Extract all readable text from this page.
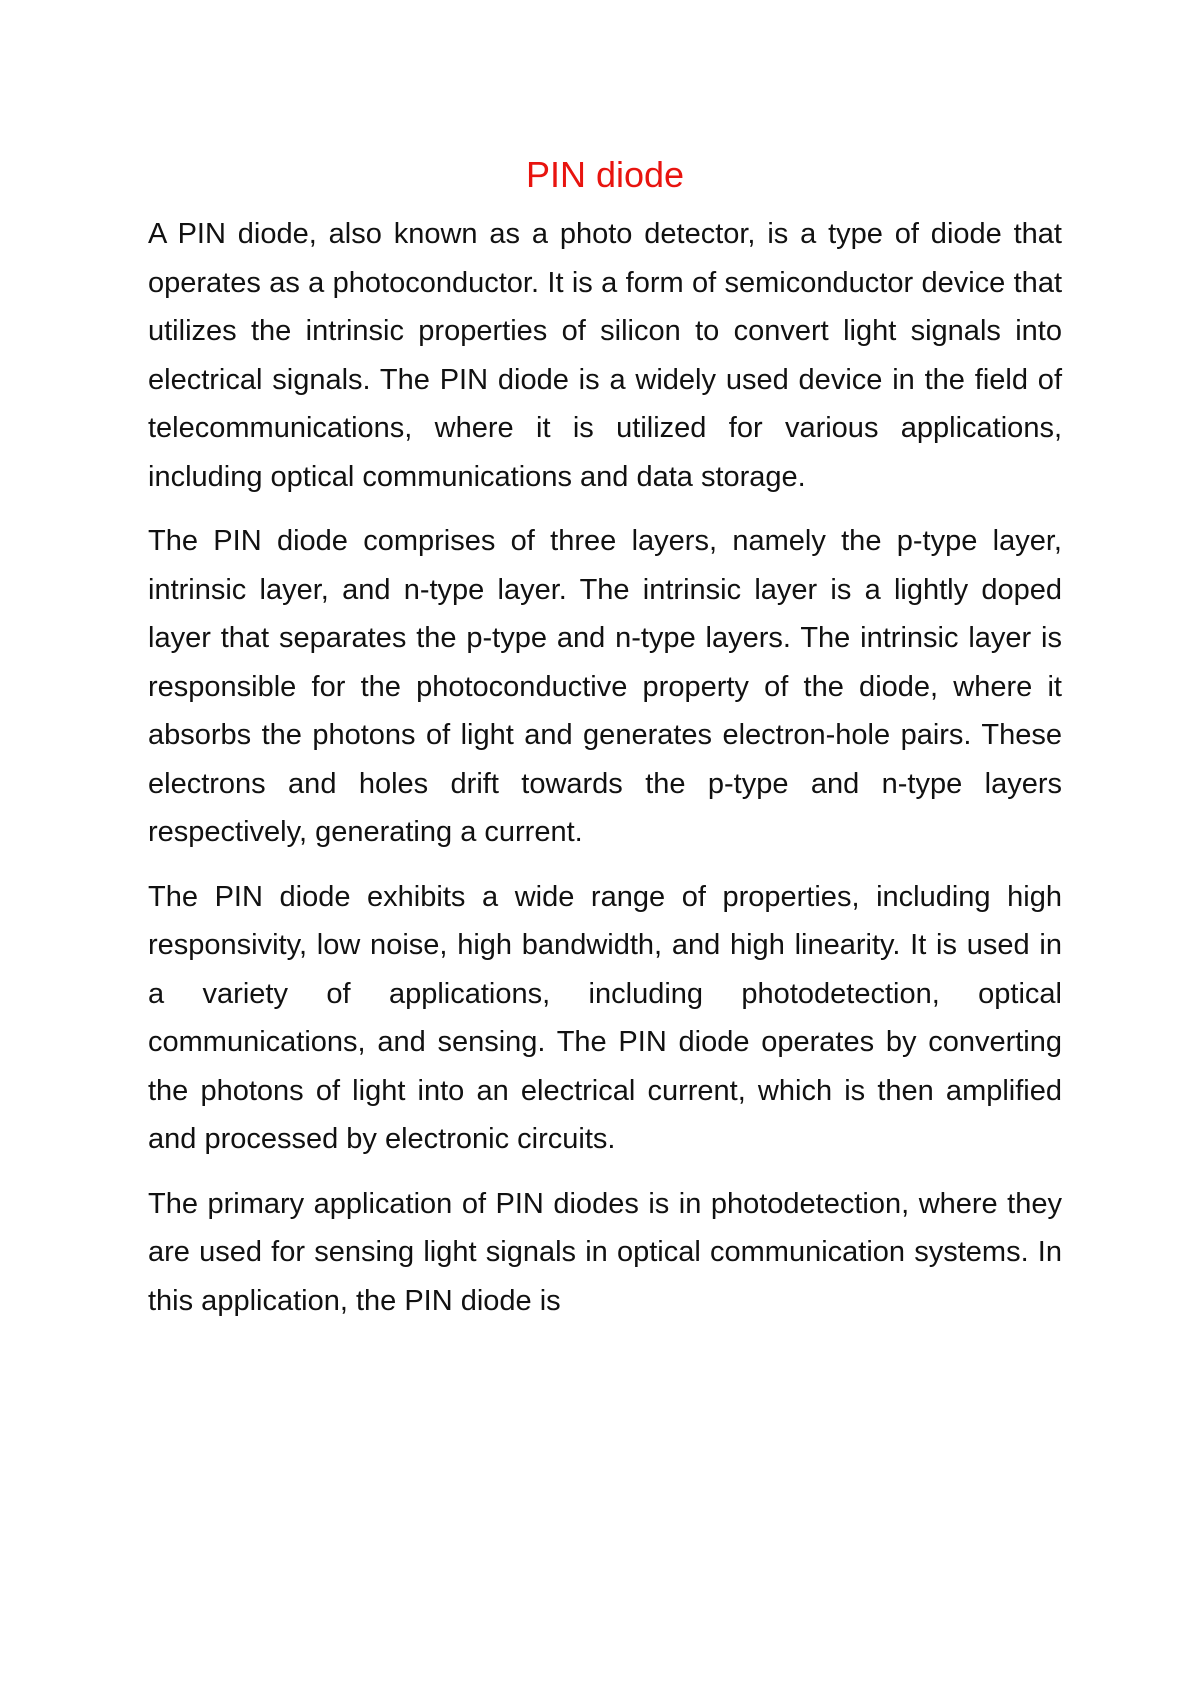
PIN diode

A PIN diode, also known as a photo detector, is a type of diode that operates as a photoconductor. It is a form of semiconductor device that utilizes the intrinsic properties of silicon to convert light signals into electrical signals. The PIN diode is a widely used device in the field of telecommunications, where it is utilized for various applications, including optical communications and data storage.

The PIN diode comprises of three layers, namely the p-type layer, intrinsic layer, and n-type layer. The intrinsic layer is a lightly doped layer that separates the p-type and n-type layers. The intrinsic layer is responsible for the photoconductive property of the diode, where it absorbs the photons of light and generates electron-hole pairs. These electrons and holes drift towards the p-type and n-type layers respectively, generating a current.

The PIN diode exhibits a wide range of properties, including high responsivity, low noise, high bandwidth, and high linearity. It is used in a variety of applications, including photodetection, optical communications, and sensing. The PIN diode operates by converting the photons of light into an electrical current, which is then amplified and processed by electronic circuits.

The primary application of PIN diodes is in photodetection, where they are used for sensing light signals in optical communication systems. In this application, the PIN diode is
